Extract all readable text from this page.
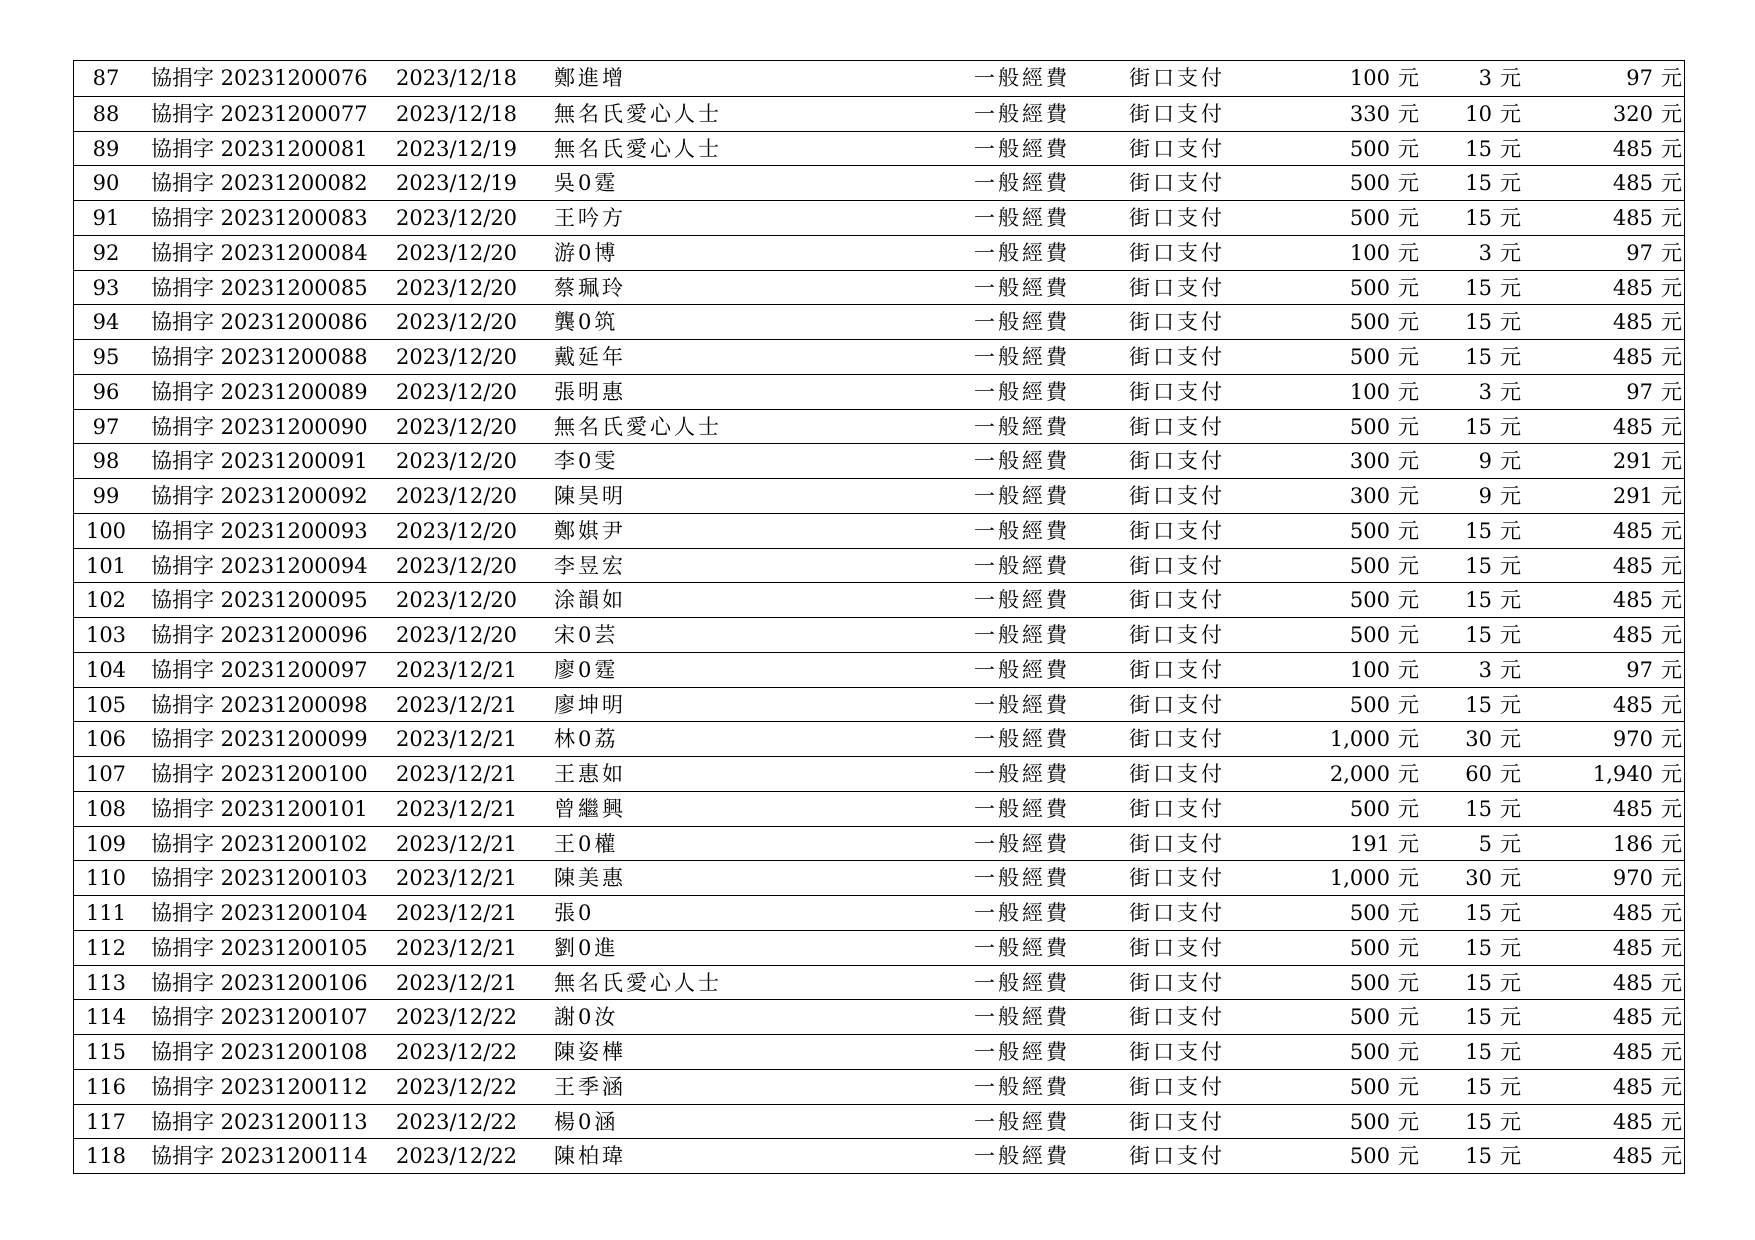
87	協捐字 20231200076 2023/12/18 鄭進增	一般經費	街口支付	100 元	3 元	97 元
88	協捐字 20231200077 2023/12/18 無名氏愛心人士	一般經費	街口支付	330 元 10 元	320 元
89	協捐字 20231200081 2023/12/19 無名氏愛心人士	一般經費	街口支付	500 元 15 元	485 元
90	協捐字 20231200082 2023/12/19 吳0霆	一般經費	街口支付	500 元 15 元	485 元
91	協捐字 20231200083 2023/12/20 王吟方	一般經費	街口支付	500 元 15 元	485 元
92	協捐字 20231200084 2023/12/20 游0博	一般經費	街口支付	100 元	3 元	97 元
93	協捐字 20231200085 2023/12/20 蔡珮玲	一般經費	街口支付	500 元 15 元	485 元
94	協捐字 20231200086 2023/12/20 龔0筑	一般經費	街口支付	500 元 15 元	485 元
95	協捐字 20231200088 2023/12/20 戴延年	一般經費	街口支付	500 元 15 元	485 元
96	協捐字 20231200089 2023/12/20 張明惠	一般經費	街口支付	100 元	3 元	97 元
97	協捐字 20231200090 2023/12/20 無名氏愛心人士	一般經費	街口支付	500 元 15 元	485 元
98	協捐字 20231200091 2023/12/20 李0雯	一般經費	街口支付	300 元	9 元	291 元
99	協捐字 20231200092 2023/12/20 陳昊明	一般經費	街口支付	300 元	9 元	291 元
100	協捐字 20231200093 2023/12/20 鄭娸尹	一般經費	街口支付	500 元 15 元	485 元
101	協捐字 20231200094 2023/12/20 李昱宏	一般經費	街口支付	500 元 15 元	485 元
102	協捐字 20231200095 2023/12/20 涂韻如	一般經費	街口支付	500 元 15 元	485 元
103	協捐字 20231200096 2023/12/20 宋0芸	一般經費	街口支付	500 元 15 元	485 元
104	協捐字 20231200097 2023/12/21 廖0霆	一般經費	街口支付	100 元	3 元	97 元
105	協捐字 20231200098 2023/12/21 廖坤明	一般經費	街口支付	500 元 15 元	485 元
106	協捐字 20231200099 2023/12/21 林0荔	一般經費	街口支付	1,000 元 30 元	970 元
107	協捐字 20231200100 2023/12/21 王惠如	一般經費	街口支付	2,000 元 60 元	1,940 元
108	協捐字 20231200101 2023/12/21 曾繼興	一般經費	街口支付	500 元 15 元	485 元
109	協捐字 20231200102 2023/12/21 王0權	一般經費	街口支付	191 元	5 元	186 元
110	協捐字 20231200103 2023/12/21 陳美惠	一般經費	街口支付	1,000 元 30 元	970 元
111	協捐字 20231200104 2023/12/21 張0	一般經費	街口支付	500 元 15 元	485 元
112	協捐字 20231200105 2023/12/21 劉0進	一般經費	街口支付	500 元 15 元	485 元
113	協捐字 20231200106 2023/12/21 無名氏愛心人士	一般經費	街口支付	500 元 15 元	485 元
114	協捐字 20231200107 2023/12/22 謝0汝	一般經費	街口支付	500 元 15 元	485 元
115	協捐字 20231200108 2023/12/22 陳姿樺	一般經費	街口支付	500 元 15 元	485 元
116	協捐字 20231200112 2023/12/22 王季涵	一般經費	街口支付	500 元 15 元	485 元
117	協捐字 20231200113 2023/12/22 楊0涵	一般經費	街口支付	500 元 15 元	485 元
118	協捐字 20231200114 2023/12/22 陳柏瑋	一般經費	街口支付	500 元 15 元	485 元
